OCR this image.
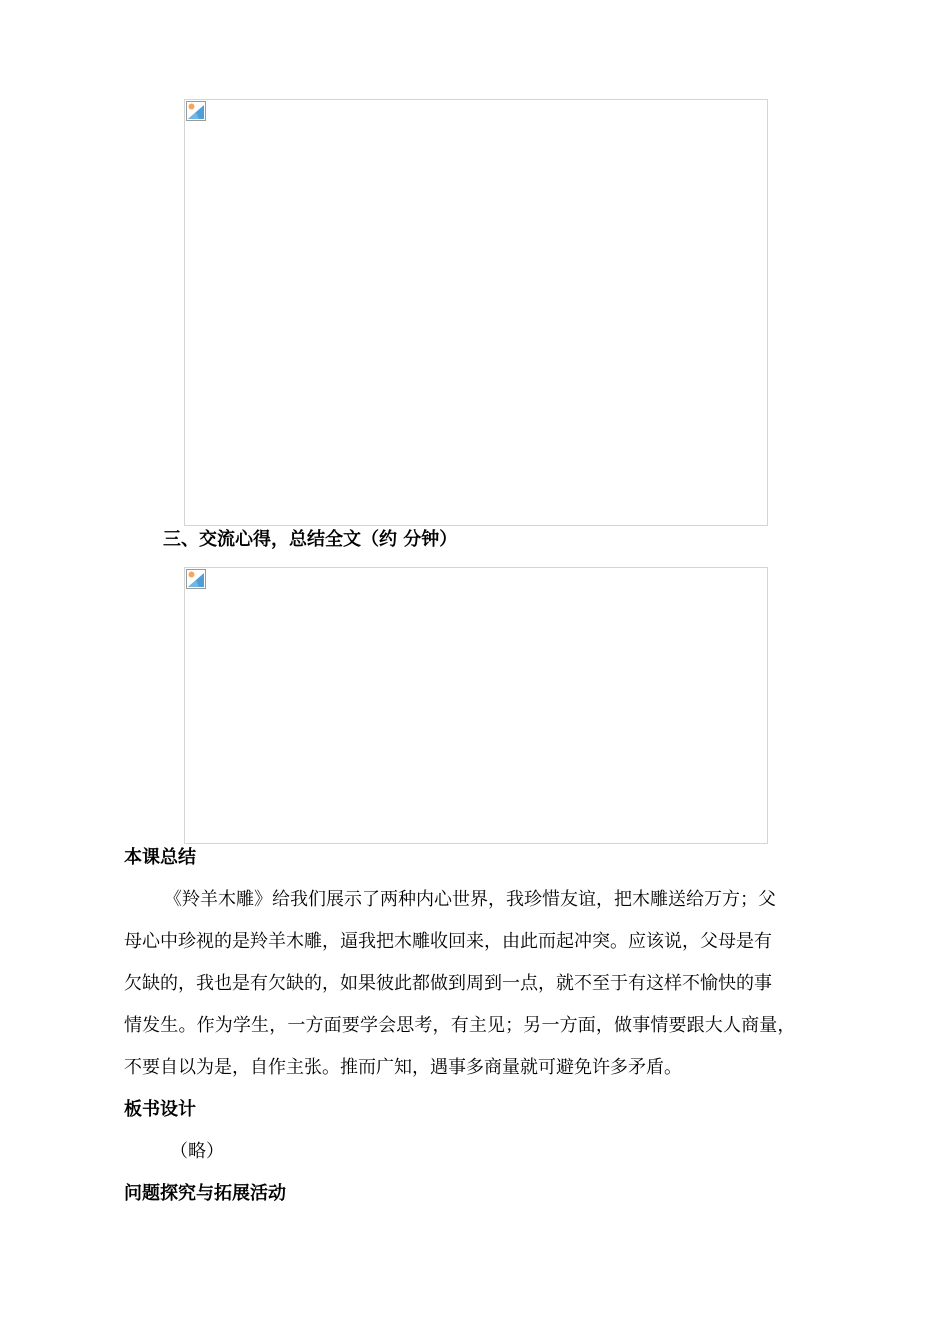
三、交流心得，总结全文（约 分钟）
本课总结
《羚羊木雕》给我们展示了两种内心世界，我珍惜友谊，把木雕送给万方；父
母心中珍视的是羚羊木雕，逼我把木雕收回来，由此而起冲突。应该说，父母是有
欠缺的，我也是有欠缺的，如果彼此都做到周到一点，就不至于有这样不愉快的事
情发生。作为学生，一方面要学会思考，有主见；另一方面，做事情要跟大人商量，
不要自以为是，自作主张。推而广知，遇事多商量就可避免许多矛盾。
板书设计
（略）
问题探究与拓展活动
